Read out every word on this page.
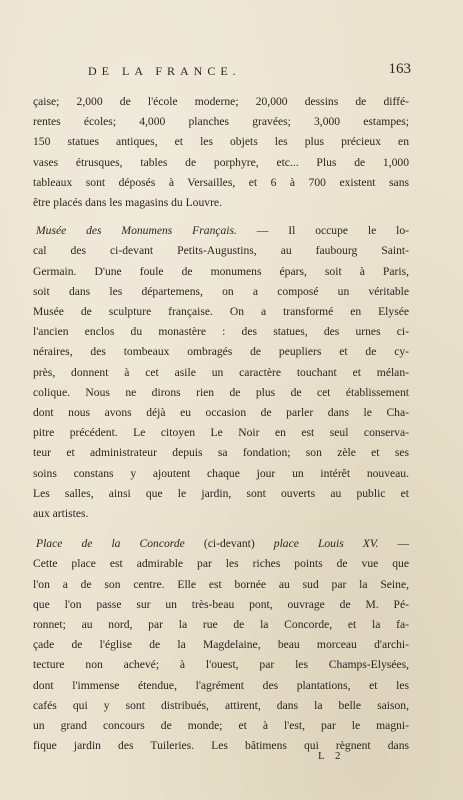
DE LA FRANCE.	163

çaise; 2,000 de l'école moderne; 20,000 dessins de diffé-
rentes écoles; 4,000 planches gravées; 3,000 estampes;
150 statues antiques, et les objets les plus précieux en
vases étrusques, tables de porphyre, etc... Plus de 1,000
tableaux sont déposés à Versailles, et 6 à 700 existent sans
être placés dans les magasins du Louvre.

Musée des Monumens Français. — Il occupe le lo-
cal des ci-devant Petits-Augustins, au faubourg Saint-
Germain. D'une foule de monumens épars, soit à Paris,
soit dans les départemens, on a composé un véritable
Musée de sculpture française. On a transformé en Elysée
l'ancien enclos du monastère : des statues, des urnes ci-
néraires, des tombeaux ombragés de peupliers et de cy-
près, donnent à cet asile un caractère touchant et mélan-
colique. Nous ne dirons rien de plus de cet établissement
dont nous avons déjà eu occasion de parler dans le Cha-
pitre précédent. Le citoyen Le Noir en est seul conserva-
teur et administrateur depuis sa fondation; son zèle et ses
soins constans y ajoutent chaque jour un intérêt nouveau.
Les salles, ainsi que le jardin, sont ouverts au public et
aux artistes.

Place de la Concorde (ci-devant) place Louis XV. —
Cette place est admirable par les riches points de vue que
l'on a de son centre. Elle est bornée au sud par la Seine,
que l'on passe sur un très-beau pont, ouvrage de M. Pé-
ronnet; au nord, par la rue de la Concorde, et la fa-
çade de l'église de la Magdelaine, beau morceau d'archi-
tecture non achevé; à l'ouest, par les Champs-Elysées,
dont l'immense étendue, l'agrément des plantations, et les
cafés qui y sont distribués, attirent, dans la belle saison,
un grand concours de monde; et à l'est, par le magni-
fique jardin des Tuileries. Les bâtimens qui règnent dans

L 2
